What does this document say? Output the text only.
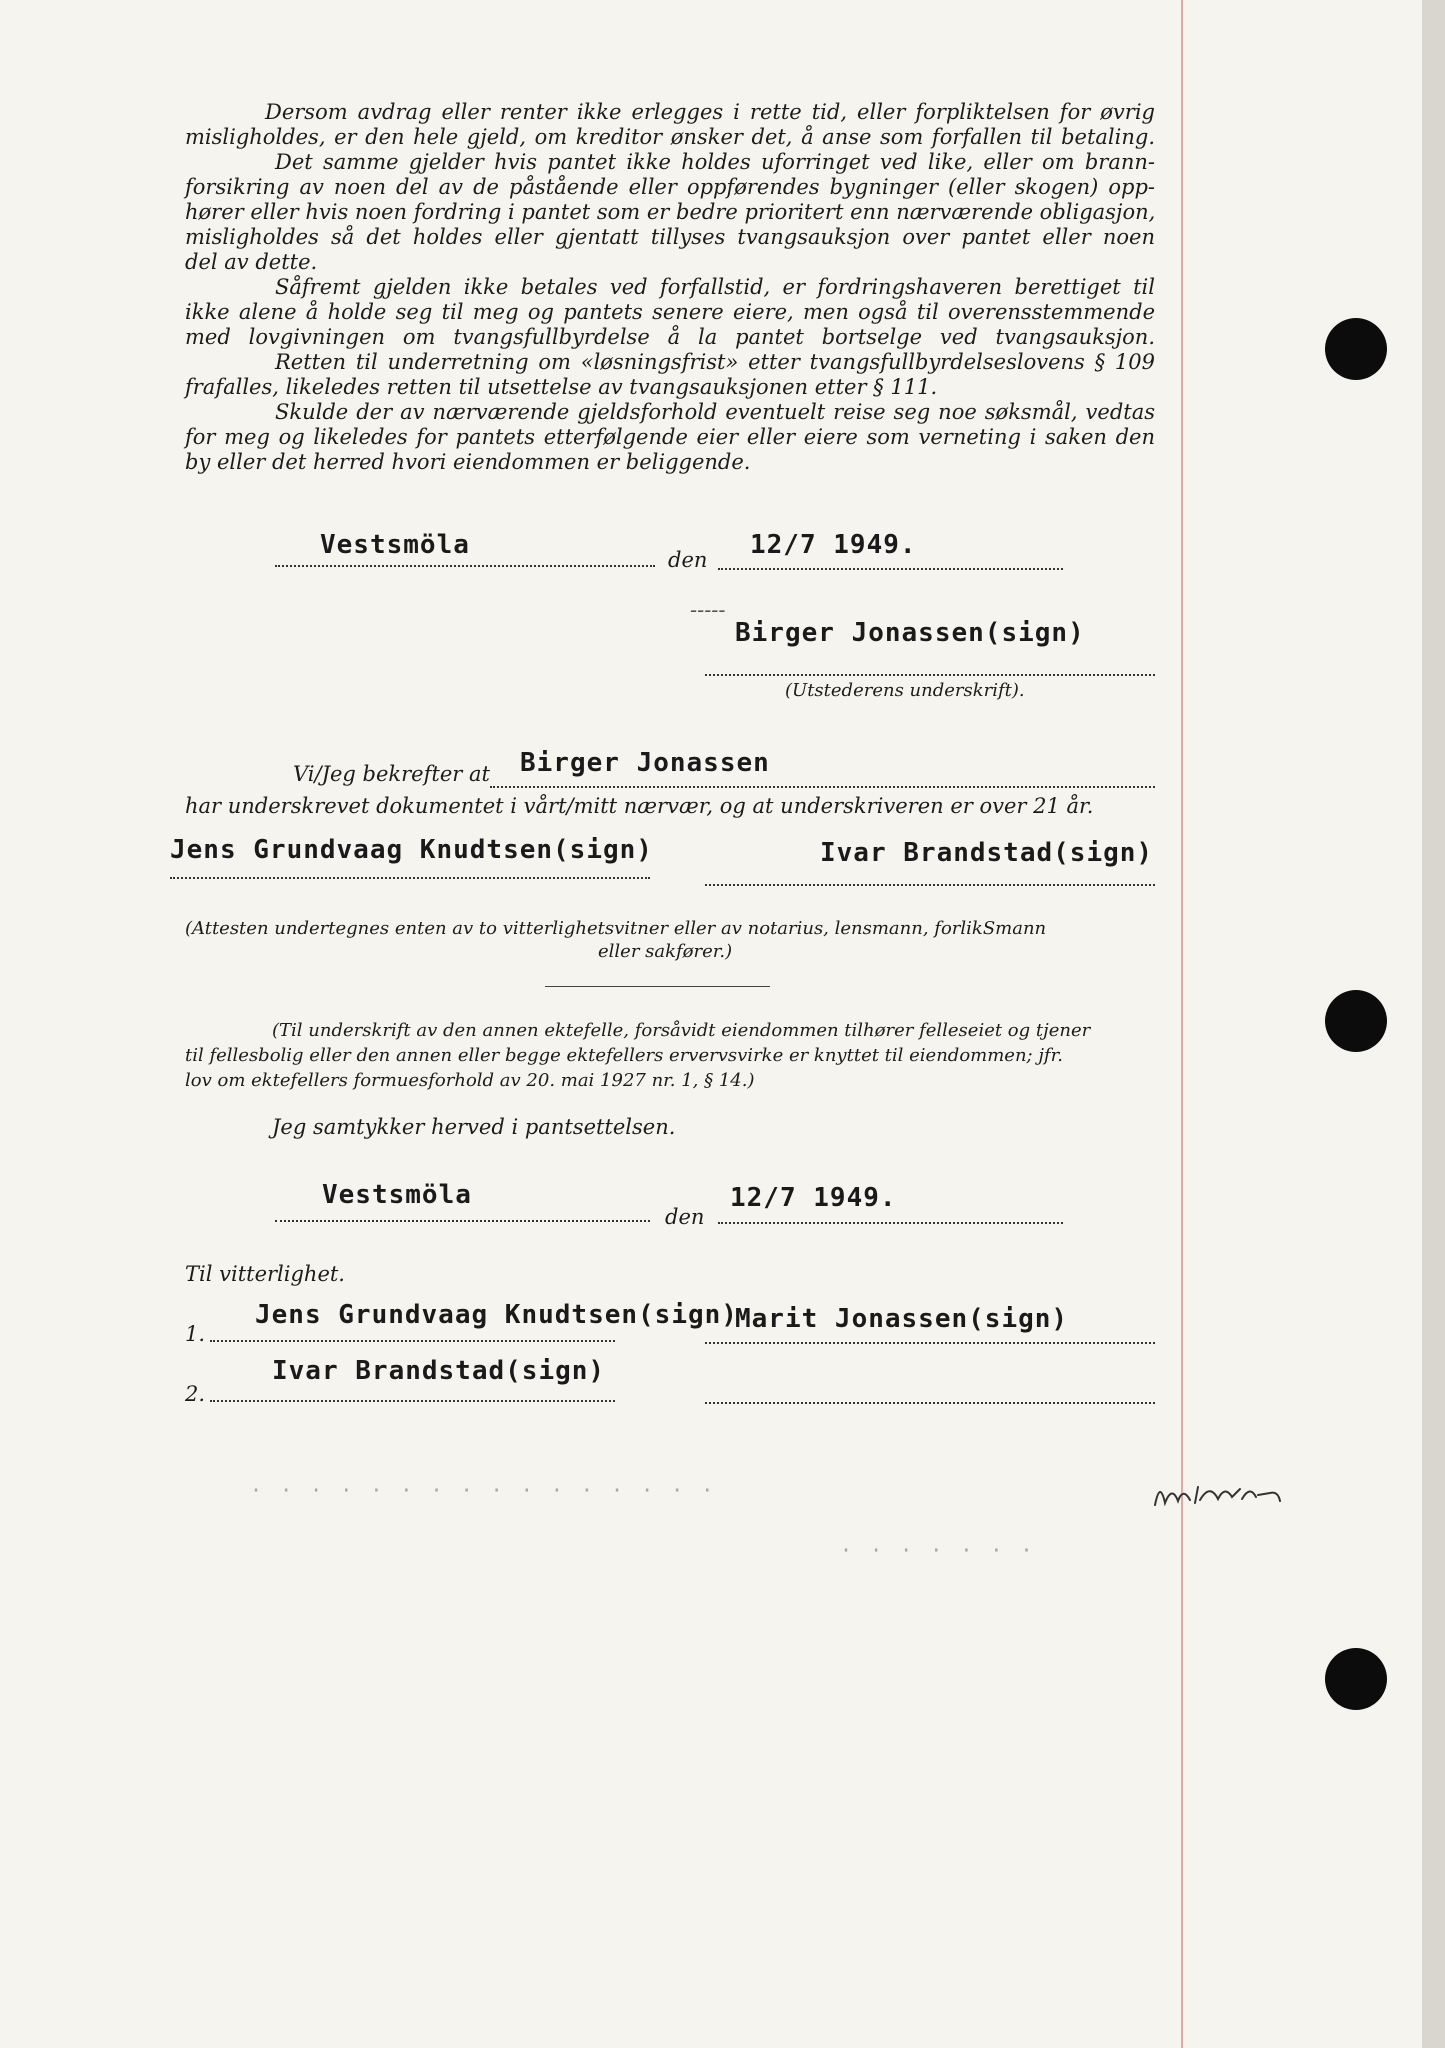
· · · · · · · · · · · · · · · ·
· · · · · · ·
Dersom avdrag eller renter ikke erlegges i rette tid, eller forpliktelsen for øvrig
misligholdes, er den hele gjeld, om kreditor ønsker det, å anse som forfallen til betaling.
Det samme gjelder hvis pantet ikke holdes uforringet ved like, eller om brann-
forsikring av noen del av de påstående eller oppførendes bygninger (eller skogen) opp-
hører eller hvis noen fordring i pantet som er bedre prioritert enn nærværende obligasjon,
misligholdes så det holdes eller gjentatt tillyses tvangsauksjon over pantet eller noen
del av dette.
Såfremt gjelden ikke betales ved forfallstid, er fordringshaveren berettiget til
ikke alene å holde seg til meg og pantets senere eiere, men også til overensstemmende
med lovgivningen om tvangsfullbyrdelse å la pantet bortselge ved tvangsauksjon.
Retten til underretning om «løsningsfrist» etter tvangsfullbyrdelseslovens § 109
frafalles, likeledes retten til utsettelse av tvangsauksjonen etter § 111.
Skulde der av nærværende gjeldsforhold eventuelt reise seg noe søksmål, vedtas
for meg og likeledes for pantets etterfølgende eier eller eiere som verneting i saken den
by eller det herred hvori eiendommen er beliggende.
Vestsmöla	den 12/7 1949.
-----
Birger Jonassen(sign)
(Utstederens underskrift).
Vi/Jeg bekrefter at Birger Jonassen
har underskrevet dokumentet i vårt/mitt nærvær, og at underskriveren er over 21 år.
Jens Grundvaag Knudtsen(sign)	Ivar Brandstad(sign)
(Attesten undertegnes enten av to vitterlighetsvitner eller av notarius, lensmann, forlikSmann
eller sakfører.)
(Til underskrift av den annen ektefelle, forsåvidt eiendommen tilhører felleseiet og tjener
til fellesbolig eller den annen eller begge ektefellers ervervsvirke er knyttet til eiendommen; jfr.
lov om ektefellers formuesforhold av 20. mai 1927 nr. 1, § 14.)
Jeg samtykker herved i pantsettelsen.
Vestsmöla
den
12/7 1949.
Til vitterlighet.
1.
Jens Grundvaag Knudtsen(sign)
Marit Jonassen(sign)
2.
Ivar Brandstad(sign)
